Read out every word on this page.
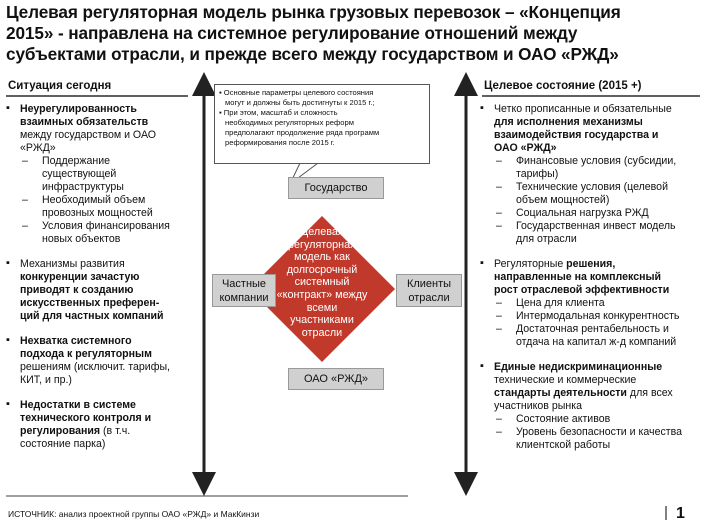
Целевая регуляторная модель рынка грузовых перевозок – «Концепция
2015» - направлена на системное регулирование отношений между
субъектами отрасли, и прежде всего между государством и ОАО «РЖД»
Ситуация сегодня
▪ Неурегулированность
взаимных обязательств
между государством и ОАО
«РЖД»
– Поддержание
существующей
инфраструктуры
– Необходимый объем
провозных мощностей
– Условия финансирования
новых объектов
▪ Механизмы развития
конкуренции зачастую
приводят к созданию
искусственных преферен-
ций для частных компаний
▪ Нехватка системного
подхода к регуляторным
решениям (исключит. тарифы,
КИТ, и пр.)
▪ Недостатки в системе
технического контроля и
регулирования (в т.ч.
состояние парка)
▪ Основные параметры целевого состояния
могут и должны быть достигнуты к 2015 г.;
▪ При этом, масштаб и сложность
необходимых регуляторных реформ
предполагают продолжение ряда программ
реформирования после 2015 г.
Государство
Частные
компании
Клиенты
отрасли
ОАО «РЖД»
Целевая
регуляторная
модель как
долгосрочный
системный
«контракт» между
всеми
участниками
отрасли
Целевое состояние (2015 +)
▪ Четко прописанные и обязательные
для исполнения механизмы
взаимодействия государства и
ОАО «РЖД»
– Финансовые условия (субсидии,
тарифы)
– Технические условия (целевой
объем мощностей)
– Социальная нагрузка РЖД
– Государственная инвест модель
для отрасли
▪ Регуляторные решения,
направленные на комплексный
рост отраслевой эффективности
– Цена для клиента
– Интермодальная конкурентность
– Достаточная рентабельность и
отдача на капитал ж-д компаний
▪ Единые недискриминационные
технические и коммерческие
стандарты деятельности для всех
участников рынка
– Состояние активов
– Уровень безопасности и качества
клиентской работы
ИСТОЧНИК: анализ проектной группы ОАО «РЖД» и МакКинзи	1
